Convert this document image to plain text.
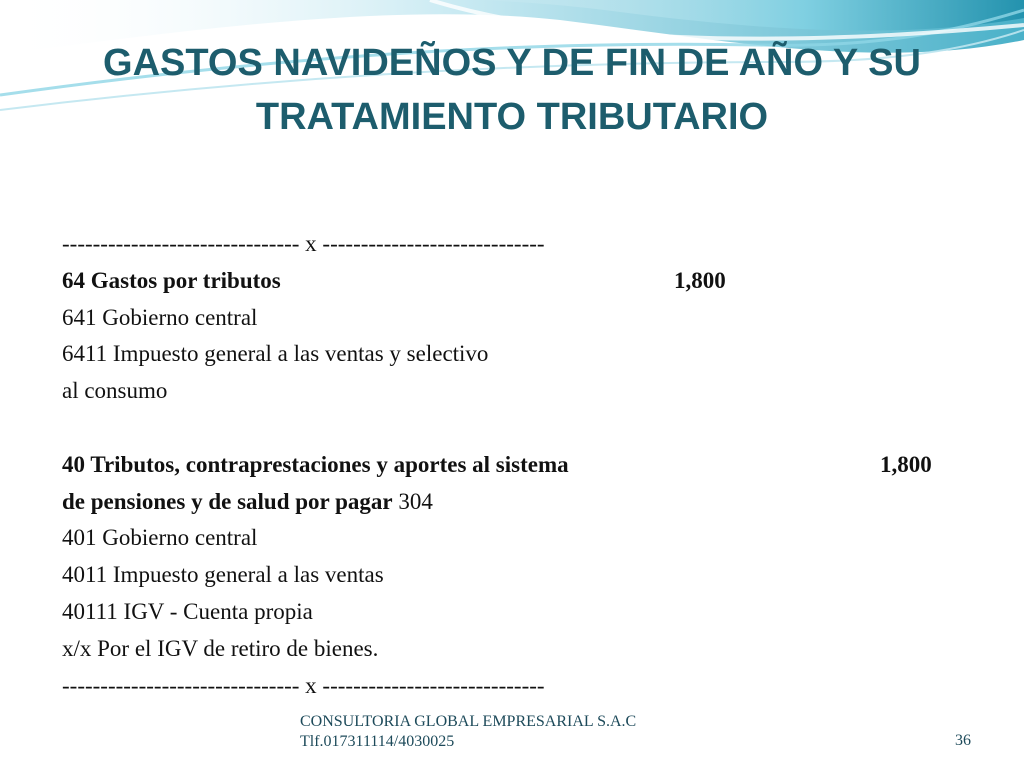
GASTOS NAVIDEÑOS Y DE FIN DE AÑO Y SU
TRATAMIENTO TRIBUTARIO
------------------------------- x -----------------------------
64 Gastos por tributos	1,800
641 Gobierno central
6411 Impuesto general a las ventas y selectivo
al consumo
40 Tributos, contraprestaciones y aportes al sistema	1,800
de pensiones y de salud por pagar 304
401 Gobierno central
4011 Impuesto general a las ventas
40111 IGV - Cuenta propia
x/x Por el IGV de retiro de bienes.
------------------------------- x -----------------------------
CONSULTORIA GLOBAL EMPRESARIAL S.A.C
Tlf.017311114/4030025	36
